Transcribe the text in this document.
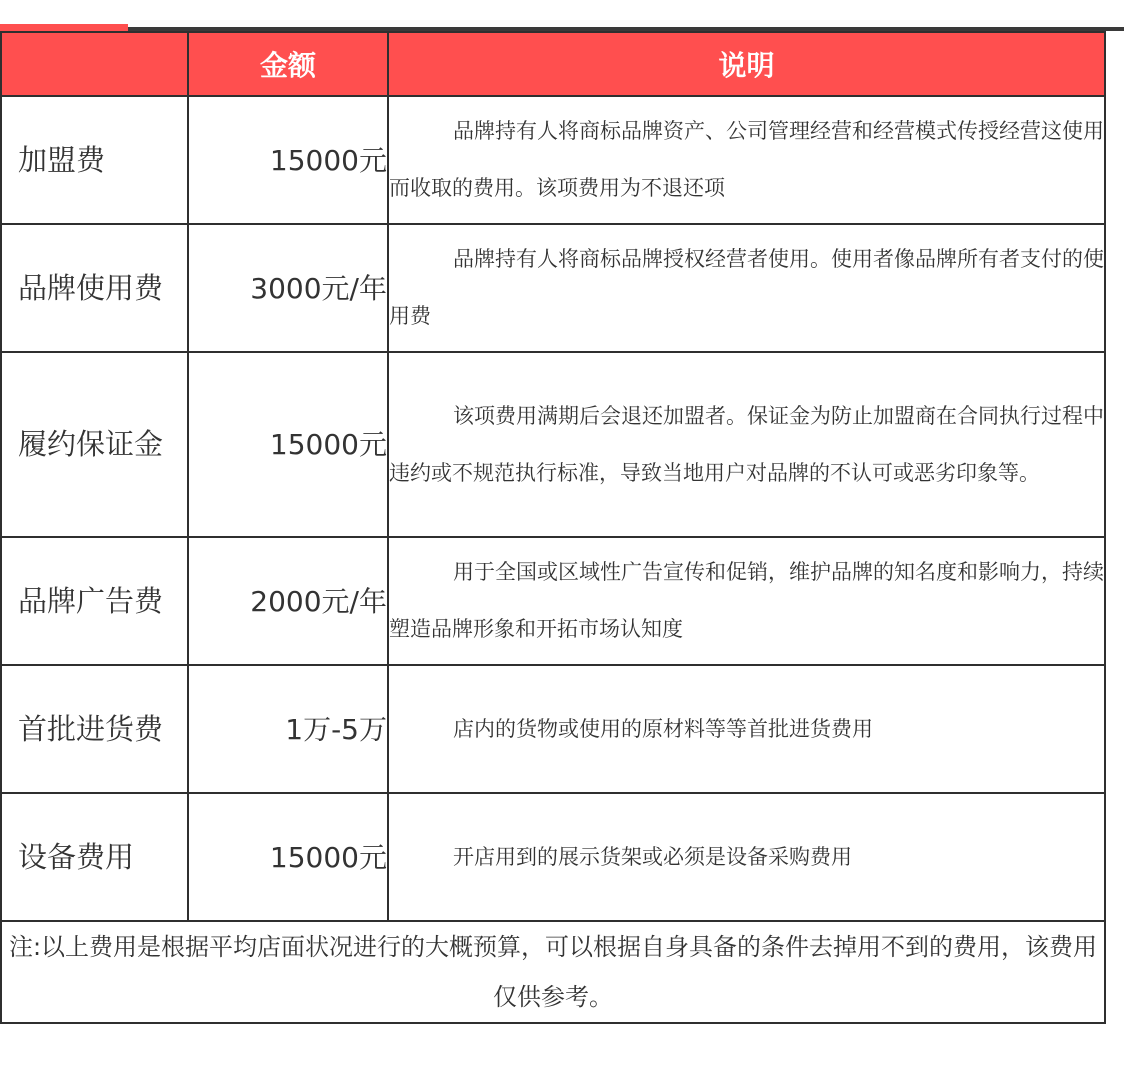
	金额	说明
加盟费	15000元	品牌持有人将商标品牌资产、公司管理经营和经营模式传授经营这使用而收取的费用。该项费用为不退还项
品牌使用费	3000元/年	品牌持有人将商标品牌授权经营者使用。使用者像品牌所有者支付的使用费
履约保证金	15000元	该项费用满期后会退还加盟者。保证金为防止加盟商在合同执行过程中违约或不规范执行标准，导致当地用户对品牌的不认可或恶劣印象等。
品牌广告费	2000元/年	用于全国或区域性广告宣传和促销，维护品牌的知名度和影响力，持续塑造品牌形象和开拓市场认知度
首批进货费	1万-5万	店内的货物或使用的原材料等等首批进货费用
设备费用	15000元	开店用到的展示货架或必须是设备采购费用
注:以上费用是根据平均店面状况进行的大概预算，可以根据自身具备的条件去掉用不到的费用，该费用仅供参考。		
